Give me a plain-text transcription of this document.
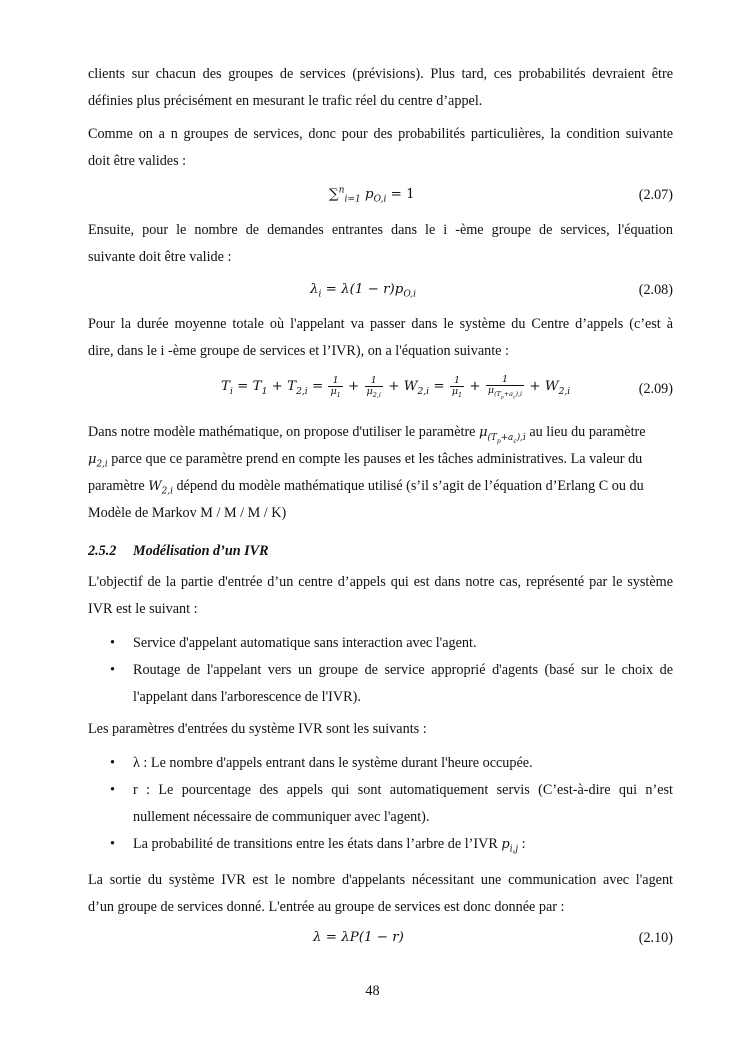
clients sur chacun des groupes de services (prévisions). Plus tard, ces probabilités devraient être
définies plus précisément en mesurant le trafic réel du centre d’appel.
Comme on a n groupes de services, donc pour des probabilités particulières, la condition suivante
doit être valides :
∑$^n_{i=1}$ $p_{O,i} = 1$	(2.07)
Ensuite, pour le nombre de demandes entrantes dans le i -ème groupe de services, l'équation
suivante doit être valide :
$\lambda_i = \lambda(1 - r)p_{O,i}$	(2.08)
Pour la durée moyenne totale où l'appelant va passer dans le système du Centre d’appels (c’est à
dire, dans le i -ème groupe de services et l’IVR), on a l'équation suivante :
$T_i = T_1 + T_{2,i} = \frac{1}{\mu_1} + \frac{1}{\mu_{2,i}} + W_{2,i} = \frac{1}{\mu_1} + \frac{1}{\mu_{(T_p+a_c),i}} + W_{2,i}$	(2.09)
Dans notre modèle mathématique, on propose d'utiliser le paramètre $\mu_{(T_p+a_c),i}$ au lieu du paramètre
$\mu_{2,i}$ parce que ce paramètre prend en compte les pauses et les tâches administratives. La valeur du
paramètre $W_{2,i}$ dépend du modèle mathématique utilisé (s’il s’agit de l’équation d’Erlang C ou du
Modèle de Markov M / M / M / K)
2.5.2 Modélisation d’un IVR
L'objectif de la partie d'entrée d’un centre d’appels qui est dans notre cas, représenté par le système
IVR est le suivant :
• Service d'appelant automatique sans interaction avec l'agent.
• Routage de l'appelant vers un groupe de service approprié d'agents (basé sur le choix de
l'appelant dans l'arborescence de l'IVR).
Les paramètres d'entrées du système IVR sont les suivants :
• λ : Le nombre d'appels entrant dans le système durant l'heure occupée.
• r : Le pourcentage des appels qui sont automatiquement servis (C’est-à-dire qui n’est
nullement nécessaire de communiquer avec l'agent).
• La probabilité de transitions entre les états dans l’arbre de l’IVR $p_{i,j}$ :
La sortie du système IVR est le nombre d'appelants nécessitant une communication avec l'agent
d’un groupe de services donné. L'entrée au groupe de services est donc donnée par :
λ = λP(1 − r)	(2.10)
48
